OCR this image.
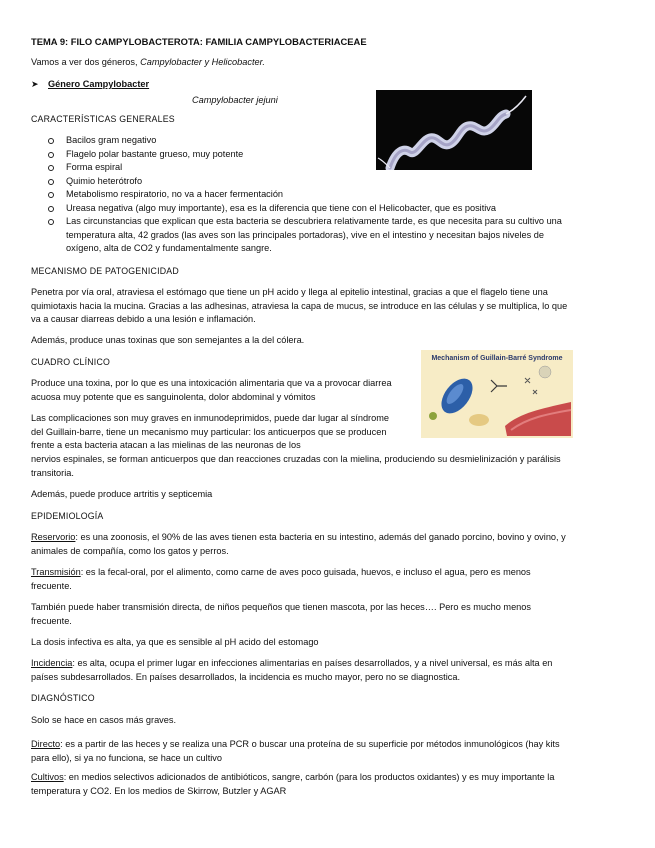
TEMA 9: FILO CAMPYLOBACTEROTA: FAMILIA CAMPYLOBACTERIACEAE

Vamos a ver dos géneros, Campylobacter y Helicobacter.

➤ Género Campylobacter

Campylobacter jejuni

CARACTERÍSTICAS GENERALES

Bacilos gram negativo
Flagelo polar bastante grueso, muy potente
Forma espiral
Quimio heterótrofo
Metabolismo respiratorio, no va a hacer fermentación
Ureasa negativa (algo muy importante), esa es la diferencia que tiene con el Helicobacter, que es positiva
Las circunstancias que explican que esta bacteria se descubriera relativamente tarde, es que necesita para su cultivo una temperatura alta, 42 grados (las aves son las principales portadoras), vive en el intestino y necesitan bajos niveles de oxígeno, alta de CO2 y fundamentalmente sangre.

MECANISMO DE PATOGENICIDAD

Penetra por vía oral, atraviesa el estómago que tiene un pH acido y llega al epitelio intestinal, gracias a que el flagelo tiene una quimiotaxis hacia la mucina. Gracias a las adhesinas, atraviesa la capa de mucus, se introduce en las células y se multiplica, lo que va a causar diarreas debido a una lesión e inflamación.

Además, produce unas toxinas que son semejantes a la del cólera.

CUADRO CLÍNICO	Mechanism of Guillain-Barré Syndrome

Produce una toxina, por lo que es una intoxicación alimentaria que va a provocar diarrea acuosa muy potente que es sanguinolenta, dolor abdominal y vómitos

Las complicaciones son muy graves en inmunodeprimidos, puede dar lugar al síndrome del Guillain-barre, tiene un mecanismo muy particular: los anticuerpos que se producen frente a esta bacteria atacan a las mielinas de las neuronas de los

nervios espinales, se forman anticuerpos que dan reacciones cruzadas con la mielina, produciendo su desmielinización y parálisis transitoria.

Además, puede produce artritis y septicemia

EPIDEMIOLOGÍA

Reservorio: es una zoonosis, el 90% de las aves tienen esta bacteria en su intestino, además del ganado porcino, bovino y ovino, y animales de compañía, como los gatos y perros.

Transmisión: es la fecal-oral, por el alimento, como carne de aves poco guisada, huevos, e incluso el agua, pero es menos frecuente.

También puede haber transmisión directa, de niños pequeños que tienen mascota, por las heces…. Pero es mucho menos frecuente.

La dosis infectiva es alta, ya que es sensible al pH acido del estomago

Incidencia: es alta, ocupa el primer lugar en infecciones alimentarias en países desarrollados, y a nivel universal, es más alta en países subdesarrollados. En países desarrollados, la incidencia es mucho mayor, pero no se diagnostica.

DIAGNÓSTICO

Solo se hace en casos más graves.

Directo: es a partir de las heces y se realiza una PCR o buscar una proteína de su superficie por métodos inmunológicos (hay kits para ello), si ya no funciona, se hace un cultivo

Cultivos: en medios selectivos adicionados de antibióticos, sangre, carbón (para los productos oxidantes) y es muy importante la temperatura y CO2. En los medios de Skirrow, Butzler y AGAR
